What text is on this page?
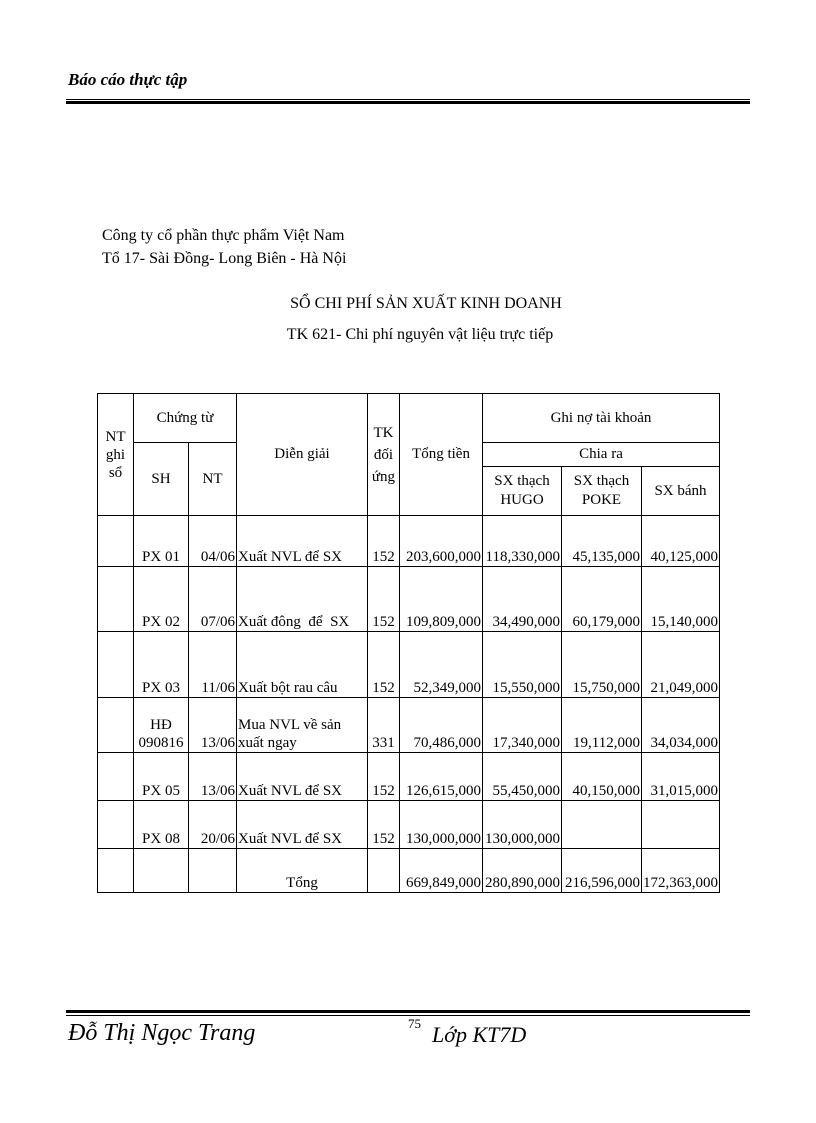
Báo cáo thực tập
Công ty cổ phần thực phẩm Việt Nam
Tổ 17- Sài Đồng- Long Biên - Hà Nội
SỔ CHI PHÍ SẢN XUẤT KINH DOANH
TK 621- Chi phí nguyên vật liệu trực tiếp
NT ghi sổ	Chứng từ		Diễn giải	TK đối ứng	Tổng tiền	Ghi nợ tài khoản		
	SH	NT				Chia ra		
						SX thạch HUGO	SX thạch POKE	SX bánh
	PX 01	04/06	Xuất NVL để SX	152	203,600,000	118,330,000	45,135,000	40,125,000
	PX 02	07/06	Xuất đông  để  SX	152	109,809,000	34,490,000	60,179,000	15,140,000
	PX 03	11/06	Xuất bột rau câu	152	52,349,000	15,550,000	15,750,000	21,049,000
	HĐ 090816	13/06	Mua NVL về sản xuất ngay	331	70,486,000	17,340,000	19,112,000	34,034,000
	PX 05	13/06	Xuất NVL để SX	152	126,615,000	55,450,000	40,150,000	31,015,000
	PX 08	20/06	Xuất NVL để SX	152	130,000,000	130,000,000		
			Tổng		669,849,000	280,890,000	216,596,000	172,363,000
Đỗ Thị Ngọc Trang	75 Lớp KT7D
